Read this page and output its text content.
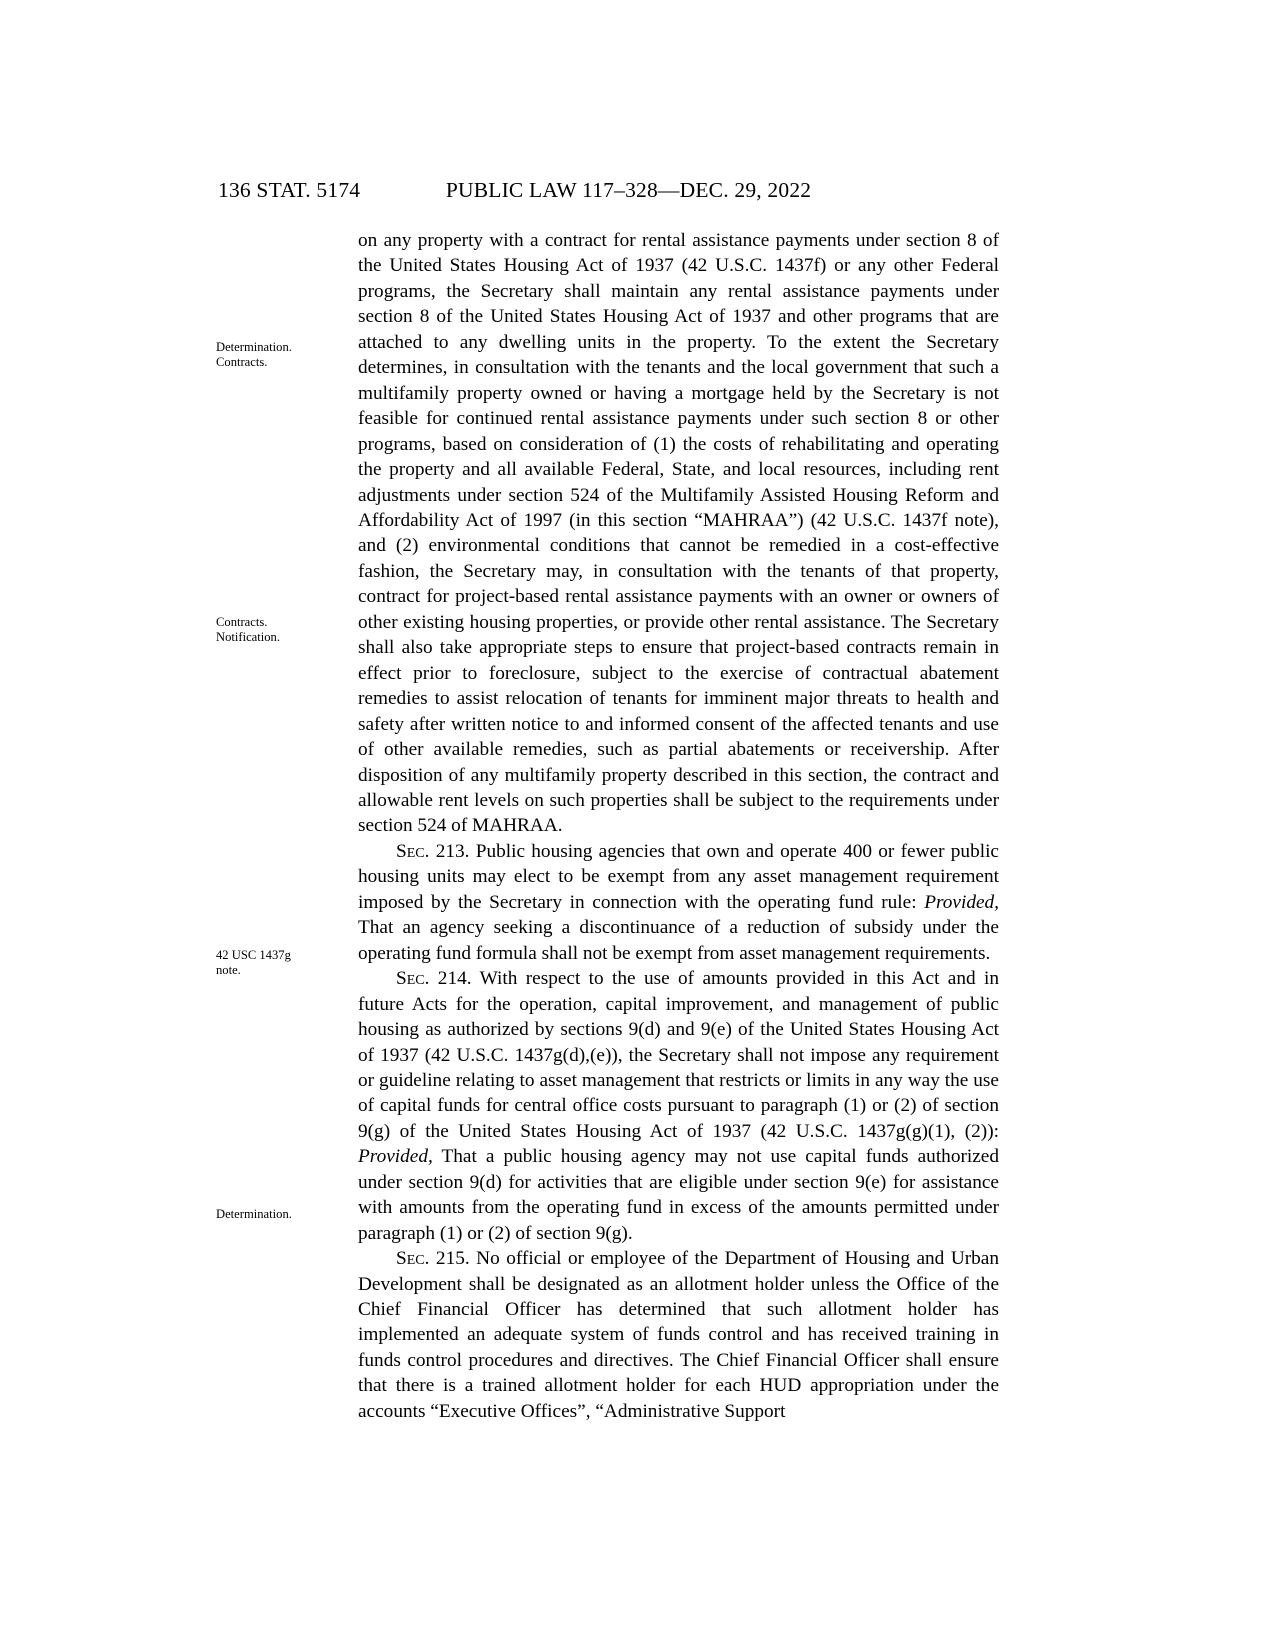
136 STAT. 5174	PUBLIC LAW 117–328—DEC. 29, 2022
Determination.
Contracts.
Contracts.
Notification.
42 USC 1437g
note.
Determination.

on any property with a contract for rental assistance payments under section 8 of the United States Housing Act of 1937 (42 U.S.C. 1437f) or any other Federal programs, the Secretary shall maintain any rental assistance payments under section 8 of the United States Housing Act of 1937 and other programs that are attached to any dwelling units in the property. To the extent the Secretary determines, in consultation with the tenants and the local government that such a multifamily property owned or having a mortgage held by the Secretary is not feasible for continued rental assistance payments under such section 8 or other programs, based on consideration of (1) the costs of rehabilitating and operating the property and all available Federal, State, and local resources, including rent adjustments under section 524 of the Multifamily Assisted Housing Reform and Affordability Act of 1997 (in this section “MAHRAA”) (42 U.S.C. 1437f note), and (2) environmental conditions that cannot be remedied in a cost-effective fashion, the Secretary may, in consultation with the tenants of that property, contract for project-based rental assistance payments with an owner or owners of other existing housing properties, or provide other rental assistance. The Secretary shall also take appropriate steps to ensure that project-based contracts remain in effect prior to foreclosure, subject to the exercise of contractual abatement remedies to assist relocation of tenants for imminent major threats to health and safety after written notice to and informed consent of the affected tenants and use of other available remedies, such as partial abatements or receivership. After disposition of any multifamily property described in this section, the contract and allowable rent levels on such properties shall be subject to the requirements under section 524 of MAHRAA.

Sec. 213. Public housing agencies that own and operate 400 or fewer public housing units may elect to be exempt from any asset management requirement imposed by the Secretary in connection with the operating fund rule: Provided, That an agency seeking a discontinuance of a reduction of subsidy under the operating fund formula shall not be exempt from asset management requirements.

Sec. 214. With respect to the use of amounts provided in this Act and in future Acts for the operation, capital improvement, and management of public housing as authorized by sections 9(d) and 9(e) of the United States Housing Act of 1937 (42 U.S.C. 1437g(d),(e)), the Secretary shall not impose any requirement or guideline relating to asset management that restricts or limits in any way the use of capital funds for central office costs pursuant to paragraph (1) or (2) of section 9(g) of the United States Housing Act of 1937 (42 U.S.C. 1437g(g)(1), (2)): Provided, That a public housing agency may not use capital funds authorized under section 9(d) for activities that are eligible under section 9(e) for assistance with amounts from the operating fund in excess of the amounts permitted under paragraph (1) or (2) of section 9(g).

Sec. 215. No official or employee of the Department of Housing and Urban Development shall be designated as an allotment holder unless the Office of the Chief Financial Officer has determined that such allotment holder has implemented an adequate system of funds control and has received training in funds control procedures and directives. The Chief Financial Officer shall ensure that there is a trained allotment holder for each HUD appropriation under the accounts “Executive Offices”, “Administrative Support
